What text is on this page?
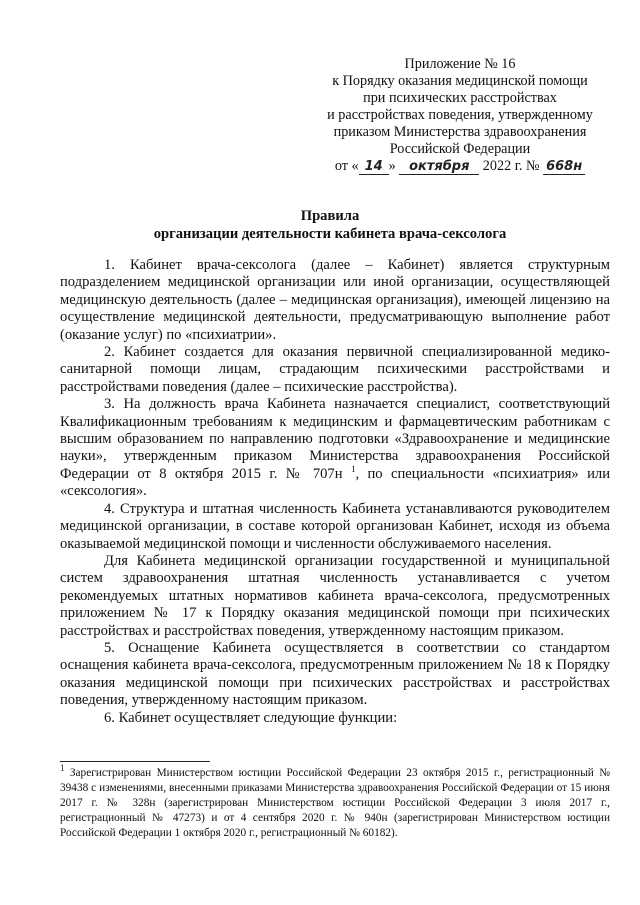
Приложение № 16
к Порядку оказания медицинской помощи
при психических расстройствах
и расстройствах поведения, утвержденному
приказом Министерства здравоохранения
Российской Федерации
от « 14 » октября 2022 г. № 668н
Правила
организации деятельности кабинета врача-сексолога

1. Кабинет врача-сексолога (далее – Кабинет) является структурным подразделением медицинской организации или иной организации, осуществляющей медицинскую деятельность (далее – медицинская организация), имеющей лицензию на осуществление медицинской деятельности, предусматривающую выполнение работ (оказание услуг) по «психиатрии».

2. Кабинет создается для оказания первичной специализированной медико-санитарной помощи лицам, страдающим психическими расстройствами и расстройствами поведения (далее – психические расстройства).

3. На должность врача Кабинета назначается специалист, соответствующий Квалификационным требованиям к медицинским и фармацевтическим работникам с высшим образованием по направлению подготовки «Здравоохранение и медицинские науки», утвержденным приказом Министерства здравоохранения Российской Федерации от 8 октября 2015 г. № 707н $^1$, по специальности «психиатрия» или «сексология».

4. Структура и штатная численность Кабинета устанавливаются руководителем медицинской организации, в составе которой организован Кабинет, исходя из объема оказываемой медицинской помощи и численности обслуживаемого населения.

Для Кабинета медицинской организации государственной и муниципальной систем здравоохранения штатная численность устанавливается с учетом рекомендуемых штатных нормативов кабинета врача-сексолога, предусмотренных приложением № 17 к Порядку оказания медицинской помощи при психических расстройствах и расстройствах поведения, утвержденному настоящим приказом.

5. Оснащение Кабинета осуществляется в соответствии со стандартом оснащения кабинета врача-сексолога, предусмотренным приложением № 18 к Порядку оказания медицинской помощи при психических расстройствах и расстройствах поведения, утвержденному настоящим приказом.

6. Кабинет осуществляет следующие функции:

$^1$ Зарегистрирован Министерством юстиции Российской Федерации 23 октября 2015 г., регистрационный № 39438 с изменениями, внесенными приказами Министерства здравоохранения Российской Федерации от 15 июня 2017 г. № 328н (зарегистрирован Министерством юстиции Российской Федерации 3 июля 2017 г., регистрационный № 47273) и от 4 сентября 2020 г. № 940н (зарегистрирован Министерством юстиции Российской Федерации 1 октября 2020 г., регистрационный № 60182).
